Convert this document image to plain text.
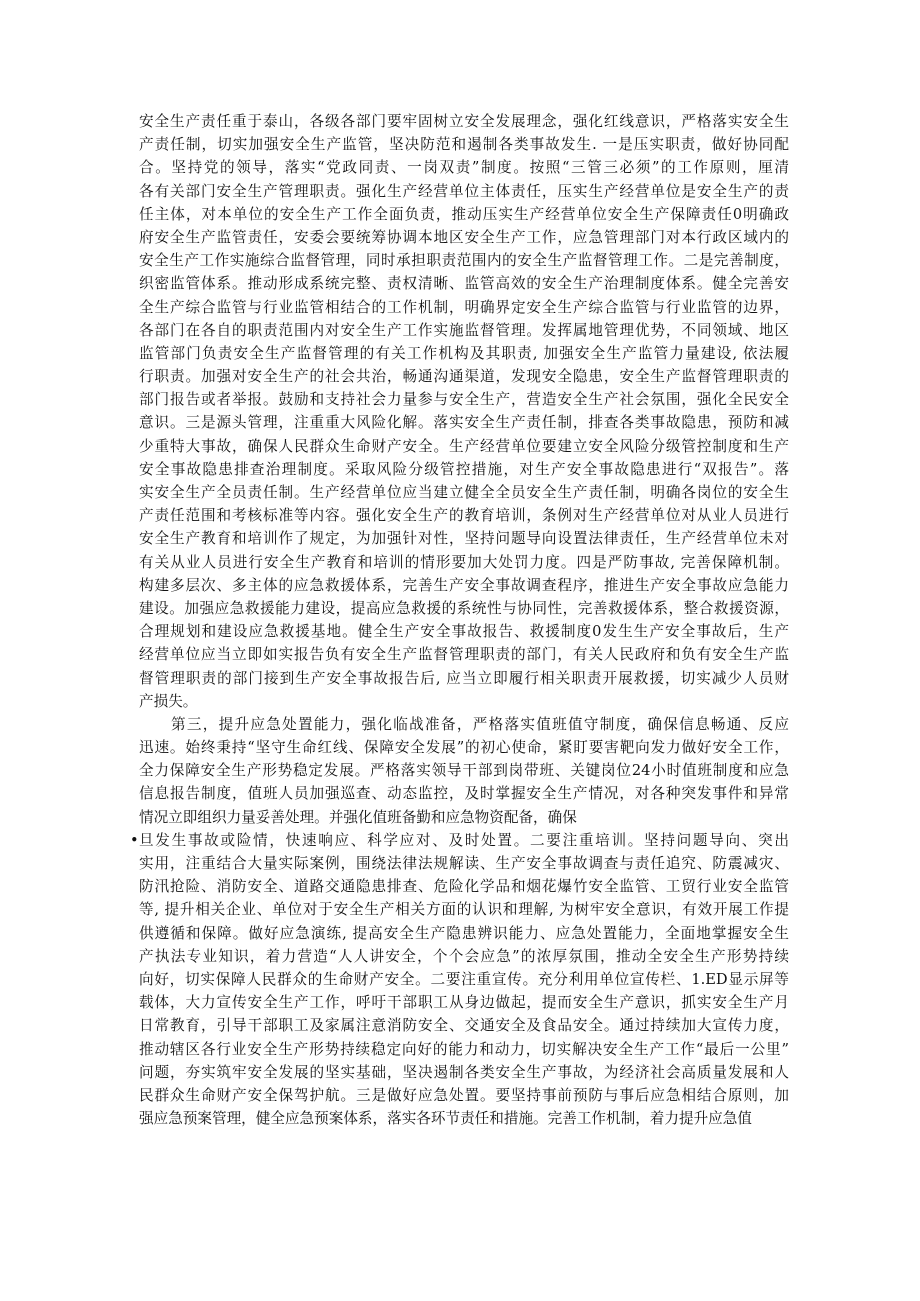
安全生产责任重于泰山，各级各部门要牢固树立安全发展理念，强化红线意识，严格落实安全生
产责任制，切实加强安全生产监管，坚决防范和遏制各类事故发生. 一是压实职责，做好协同配
合。坚持党的领导，落实“党政同责、一岗双责”制度。按照“三管三必须”的工作原则，厘清
各有关部门安全生产管理职责。强化生产经营单位主体责任，压实生产经营单位是安全生产的责
任主体，对本单位的安全生产工作全面负责，推动压实生产经营单位安全生产保障责任0明确政
府安全生产监管责任，安委会要统筹协调本地区安全生产工作，应急管理部门对本行政区域内的
安全生产工作实施综合监督管理，同时承担职责范围内的安全生产监督管理工作。二是完善制度，
织密监管体系。推动形成系统完整、责权清晰、监管高效的安全生产治理制度体系。健全完善安
全生产综合监管与行业监管相结合的工作机制，明确界定安全生产综合监管与行业监管的边界，
各部门在各自的职责范围内对安全生产工作实施监督管理。发挥属地管理优势，不同领域、地区
监管部门负责安全生产监督管理的有关工作机构及其职责, 加强安全生产监管力量建设, 依法履
行职责。加强对安全生产的社会共治，畅通沟通渠道，发现安全隐患，安全生产监督管理职责的
部门报告或者举报。鼓励和支持社会力量参与安全生产，营造安全生产社会氛围，强化全民安全
意识。三是源头管理，注重重大风险化解。落实安全生产责任制，排查各类事故隐患，预防和减
少重特大事故，确保人民群众生命财产安全。生产经营单位要建立安全风险分级管控制度和生产
安全事故隐患排查治理制度。采取风险分级管控措施，对生产安全事故隐患进行“双报告”。落
实安全生产全员责任制。生产经营单位应当建立健全全员安全生产责任制，明确各岗位的安全生
产责任范围和考核标准等内容。强化安全生产的教育培训，条例对生产经营单位对从业人员进行
安全生产教育和培训作了规定，为加强针对性，坚持问题导向设置法律责任，生产经营单位未对
有关从业人员进行安全生产教育和培训的情形要加大处罚力度。四是严防事故, 完善保障机制。
构建多层次、多主体的应急救援体系，完善生产安全事故调查程序，推进生产安全事故应急能力
建设。加强应急救援能力建设，提高应急救援的系统性与协同性，完善救援体系，整合救援资源，
合理规划和建设应急救援基地。健全生产安全事故报告、救援制度0发生生产安全事故后，生产
经营单位应当立即如实报告负有安全生产监督管理职责的部门，有关人民政府和负有安全生产监
督管理职责的部门接到生产安全事故报告后, 应当立即履行相关职责开展救援，切实减少人员财
产损失。
第三，提升应急处置能力，强化临战准备，严格落实值班值守制度，确保信息畅通、反应
迅速。始终秉持“坚守生命红线、保障安全发展”的初心使命，紧盯要害靶向发力做好安全工作，
全力保障安全生产形势稳定发展。严格落实领导干部到岗带班、关键岗位24小时值班制度和应急
信息报告制度，值班人员加强巡查、动态监控，及时掌握安全生产情况，对各种突发事件和异常
情况立即组织力量妥善处理。并强化值班备勤和应急物资配备，确保
• 旦发生事故或险情，快速响应、科学应对、及时处置。二要注重培训。坚持问题导向、突出
实用，注重结合大量实际案例，围绕法律法规解读、生产安全事故调查与责任追究、防震减灾、
防汛抢险、消防安全、道路交通隐患排查、危险化学品和烟花爆竹安全监管、工贸行业安全监管
等, 提升相关企业、单位对于安全生产相关方面的认识和理解, 为树牢安全意识，有效开展工作提
供遵循和保障。做好应急演练, 提高安全生产隐患辨识能力、应急处置能力，全面地掌握安全生
产执法专业知识，着力营造“人人讲安全，个个会应急”的浓厚氛围，推动全安全生产形势持续
向好，切实保障人民群众的生命财产安全。二要注重宣传。充分利用单位宣传栏、1.ED显示屏等
载体，大力宣传安全生产工作，呼吁干部职工从身边做起，提而安全生产意识，抓实安全生产月
日常教育，引导干部职工及家属注意消防安全、交通安全及食品安全。通过持续加大宣传力度，
推动辖区各行业安全生产形势持续稳定向好的能力和动力，切实解决安全生产工作“最后一公里”
问题，夯实筑牢安全发展的坚实基础，坚决遏制各类安全生产事故，为经济社会高质量发展和人
民群众生命财产安全保驾护航。三是做好应急处置。要坚持事前预防与事后应急相结合原则，加
强应急预案管理，健全应急预案体系，落实各环节责任和措施。完善工作机制，着力提升应急值
